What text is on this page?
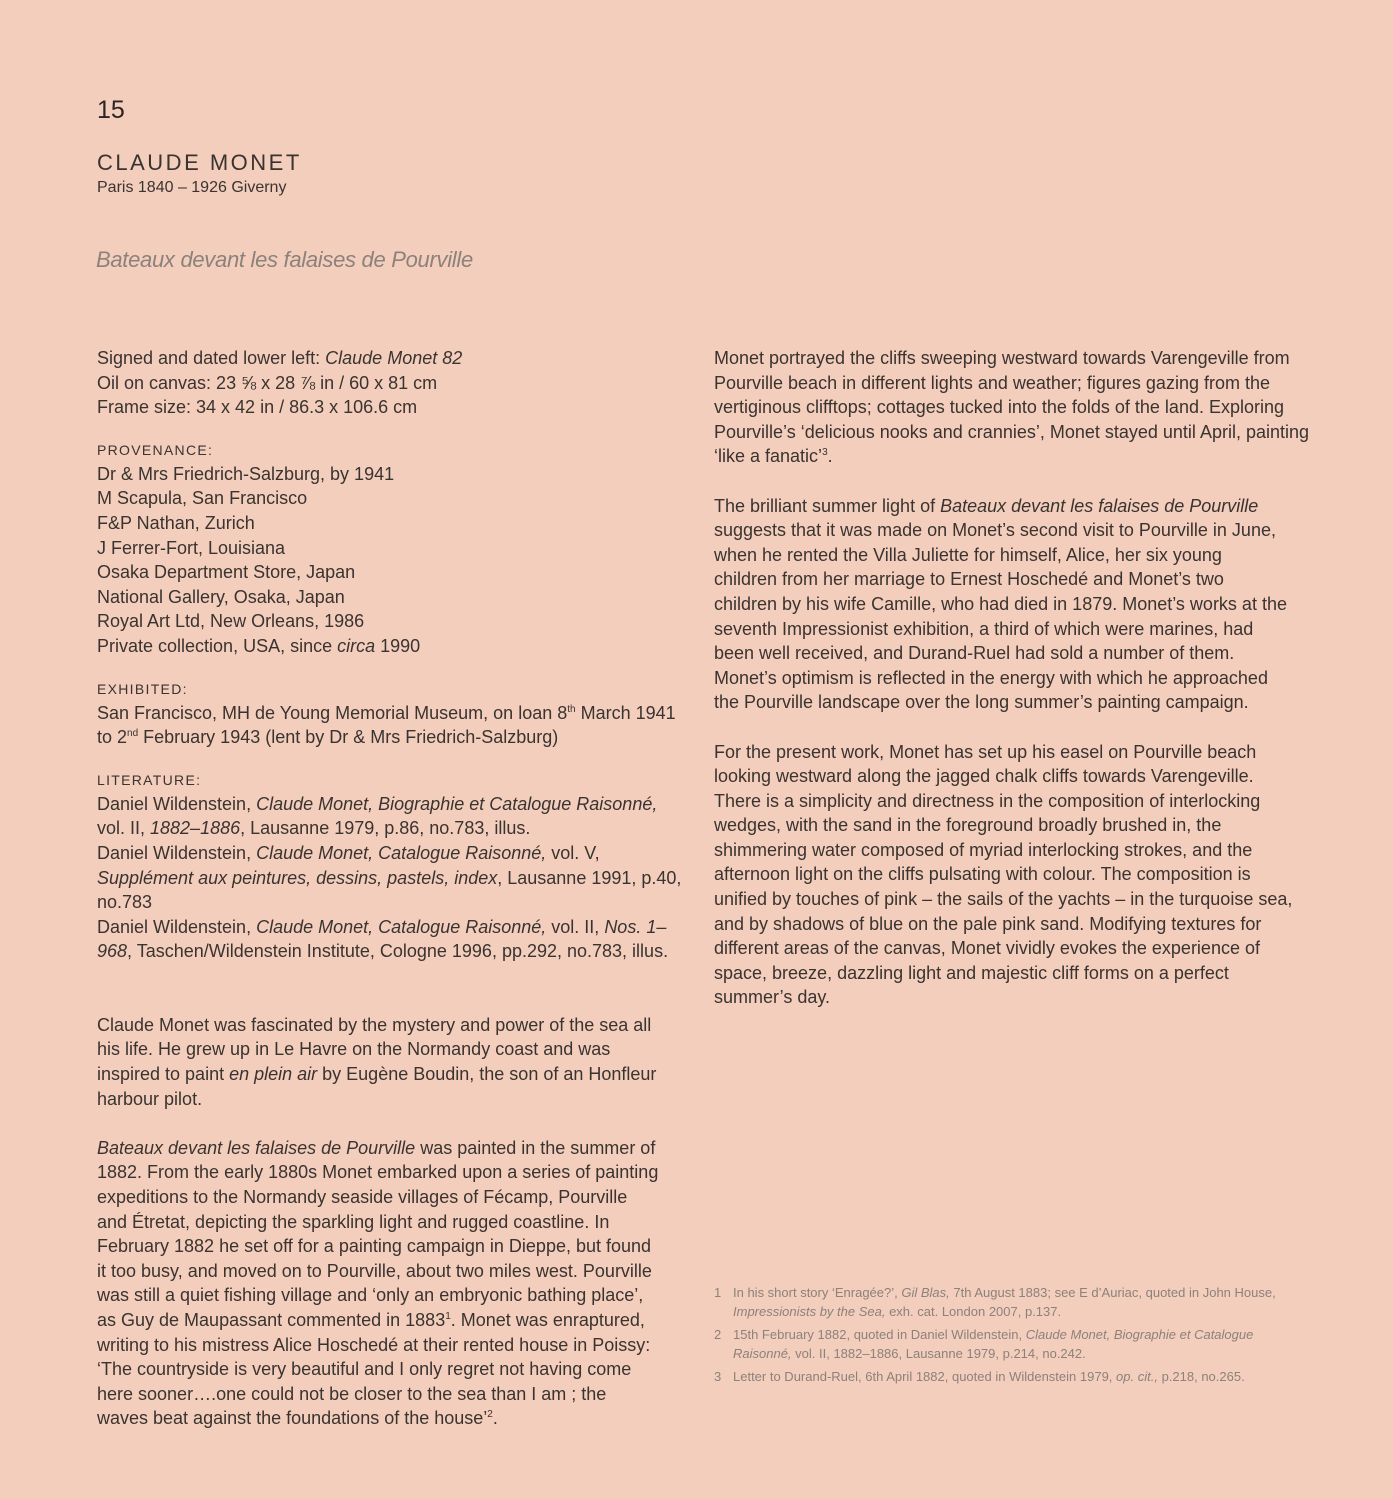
15
CLAUDE MONET
Paris 1840 – 1926 Giverny
Bateaux devant les falaises de Pourville

Signed and dated lower left: Claude Monet 82

Oil on canvas: 23 ⅝ x 28 ⅞ in / 60 x 81 cm

Frame size: 34 x 42 in / 86.3 x 106.6 cm

PROVENANCE:

Dr & Mrs Friedrich-Salzburg, by 1941

M Scapula, San Francisco

F&P Nathan, Zurich

J Ferrer-Fort, Louisiana

Osaka Department Store, Japan

National Gallery, Osaka, Japan

Royal Art Ltd, New Orleans, 1986

Private collection, USA, since circa 1990

EXHIBITED:

San Francisco, MH de Young Memorial Museum, on loan 8th March 1941 to 2nd February 1943 (lent by Dr & Mrs Friedrich-Salzburg)

LITERATURE:

Daniel Wildenstein, Claude Monet, Biographie et Catalogue Raisonné, vol. II, 1882–1886, Lausanne 1979, p.86, no.783, illus.

Daniel Wildenstein, Claude Monet, Catalogue Raisonné, vol. V, Supplément aux peintures, dessins, pastels, index, Lausanne 1991, p.40, no.783

Daniel Wildenstein, Claude Monet, Catalogue Raisonné, vol. II, Nos. 1–968, Taschen/Wildenstein Institute, Cologne 1996, pp.292, no.783, illus.

Claude Monet was fascinated by the mystery and power of the sea all his life. He grew up in Le Havre on the Normandy coast and was inspired to paint en plein air by Eugène Boudin, the son of an Honfleur harbour pilot.

Bateaux devant les falaises de Pourville was painted in the summer of 1882. From the early 1880s Monet embarked upon a series of painting expeditions to the Normandy seaside villages of Fécamp, Pourville and Étretat, depicting the sparkling light and rugged coastline. In February 1882 he set off for a painting campaign in Dieppe, but found it too busy, and moved on to Pourville, about two miles west. Pourville was still a quiet fishing village and ‘only an embryonic bathing place’, as Guy de Maupassant commented in 1883$^1$. Monet was enraptured, writing to his mistress Alice Hoschedé at their rented house in Poissy: ‘The countryside is very beautiful and I only regret not having come here sooner….one could not be closer to the sea than I am ; the waves beat against the foundations of the house’$^2$.

Monet portrayed the cliffs sweeping westward towards Varengeville from Pourville beach in different lights and weather; figures gazing from the vertiginous clifftops; cottages tucked into the folds of the land. Exploring Pourville’s ‘delicious nooks and crannies’, Monet stayed until April, painting ‘like a fanatic’$^3$.

The brilliant summer light of Bateaux devant les falaises de Pourville suggests that it was made on Monet’s second visit to Pourville in June, when he rented the Villa Juliette for himself, Alice, her six young children from her marriage to Ernest Hoschedé and Monet’s two children by his wife Camille, who had died in 1879. Monet’s works at the seventh Impressionist exhibition, a third of which were marines, had been well received, and Durand-Ruel had sold a number of them. Monet’s optimism is reflected in the energy with which he approached the Pourville landscape over the long summer’s painting campaign.

For the present work, Monet has set up his easel on Pourville beach looking westward along the jagged chalk cliffs towards Varengeville. There is a simplicity and directness in the composition of interlocking wedges, with the sand in the foreground broadly brushed in, the shimmering water composed of myriad interlocking strokes, and the afternoon light on the cliffs pulsating with colour. The composition is unified by touches of pink – the sails of the yachts – in the turquoise sea, and by shadows of blue on the pale pink sand. Modifying textures for different areas of the canvas, Monet vividly evokes the experience of space, breeze, dazzling light and majestic cliff forms on a perfect summer’s day.

1 In his short story ‘Enragée?’, Gil Blas, 7th August 1883; see E d’Auriac, quoted in John House, Impressionists by the Sea, exh. cat. London 2007, p.137.
2 15th February 1882, quoted in Daniel Wildenstein, Claude Monet, Biographie et Catalogue Raisonné, vol. II, 1882–1886, Lausanne 1979, p.214, no.242.
3 Letter to Durand-Ruel, 6th April 1882, quoted in Wildenstein 1979, op. cit., p.218, no.265.
